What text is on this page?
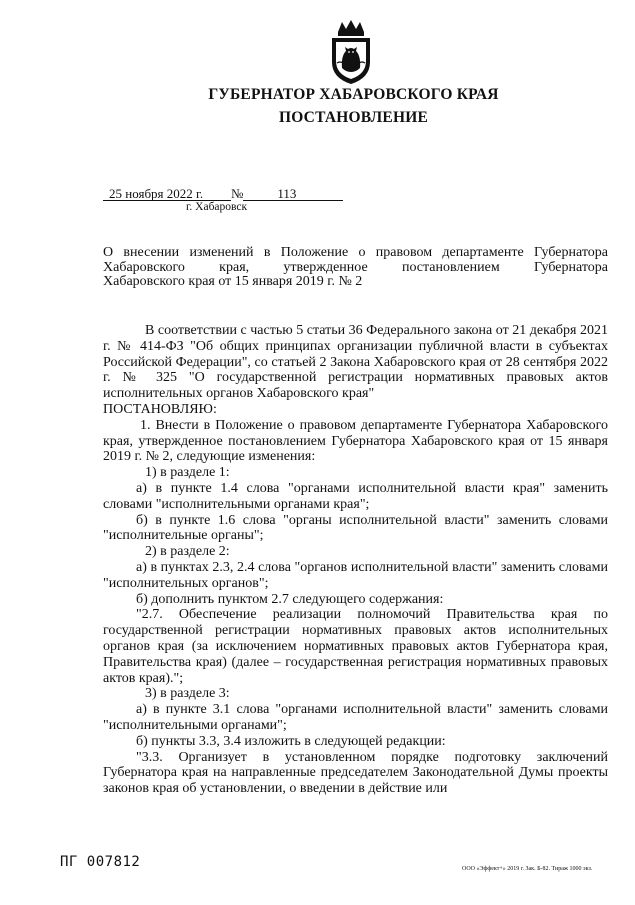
ГУБЕРНАТОР ХАБАРОВСКОГО КРАЯ
ПОСТАНОВЛЕНИЕ
25 ноября 2022 г. №	113
г. Хабаровск
О внесении изменений в Положение о правовом департаменте Губернатора
Хабаровского края, утвержденное постановлением Губернатора
Хабаровского края от 15 января 2019 г. № 2

В соответствии с частью 5 статьи 36 Федерального закона от 21 декабря 2021 г. № 414-ФЗ "Об общих принципах организации публичной власти в субъектах Российской Федерации", со статьей 2 Закона Хабаровского края от 28 сентября 2022 г. № 325 "О государственной регистрации нормативных правовых актов исполнительных органов Хабаровского края"

ПОСТАНОВЛЯЮ:

1. Внести в Положение о правовом департаменте Губернатора Хабаровского края, утвержденное постановлением Губернатора Хабаровского края от 15 января 2019 г. № 2, следующие изменения:

1) в разделе 1:

а) в пункте 1.4 слова "органами исполнительной власти края" заменить словами "исполнительными органами края";

б) в пункте 1.6 слова "органы исполнительной власти" заменить словами "исполнительные органы";

2) в разделе 2:

а) в пунктах 2.3, 2.4 слова "органов исполнительной власти" заменить словами "исполнительных органов";

б) дополнить пунктом 2.7 следующего содержания:

"2.7. Обеспечение реализации полномочий Правительства края по государственной регистрации нормативных правовых актов исполнительных органов края (за исключением нормативных правовых актов Губернатора края, Правительства края) (далее – государственная регистрация нормативных правовых актов края).";

3) в разделе 3:

а) в пункте 3.1 слова "органами исполнительной власти" заменить словами "исполнительными органами";

б) пункты 3.3, 3.4 изложить в следующей редакции:

"3.3. Организует в установленном порядке подготовку заключений Губернатора края на направленные председателем Законодательной Думы проекты законов края об установлении, о введении в действие или

ПГ 007812	ООО «Эффект+» 2019 г. Зак. Б-82. Тираж 1000 экз.
